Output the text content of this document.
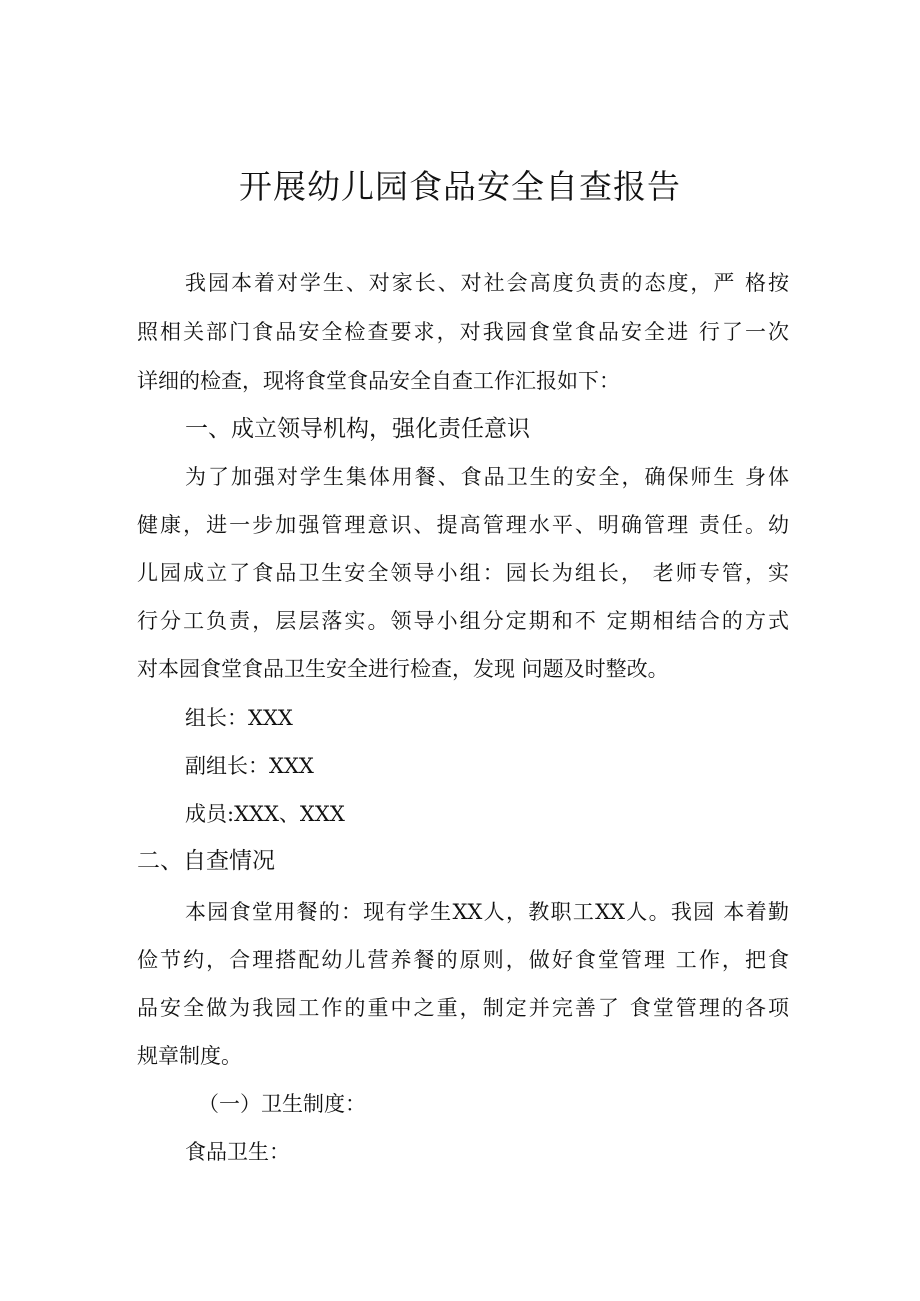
开展幼儿园食品安全自查报告

我园本着对学生、对家长、对社会高度负责的态度，严 格按

照相关部门食品安全检查要求，对我园食堂食品安全进 行了一次

详细的检查，现将食堂食品安全自查工作汇报如下：

一、成立领导机构，强化责任意识

为了加强对学生集体用餐、食品卫生的安全，确保师生 身体

健康，进一步加强管理意识、提高管理水平、明确管理 责任。幼

儿园成立了食品卫生安全领导小组：园长为组长， 老师专管，实

行分工负责，层层落实。领导小组分定期和不 定期相结合的方式

对本园食堂食品卫生安全进行检查，发现 问题及时整改。

组长：XXX

副组长：XXX

成员:XXX、XXX

二、自查情况

本园食堂用餐的：现有学生XX人，教职工XX人。我园 本着勤

俭节约，合理搭配幼儿营养餐的原则，做好食堂管理 工作，把食

品安全做为我园工作的重中之重，制定并完善了 食堂管理的各项

规章制度。

（一）卫生制度：

食品卫生：
